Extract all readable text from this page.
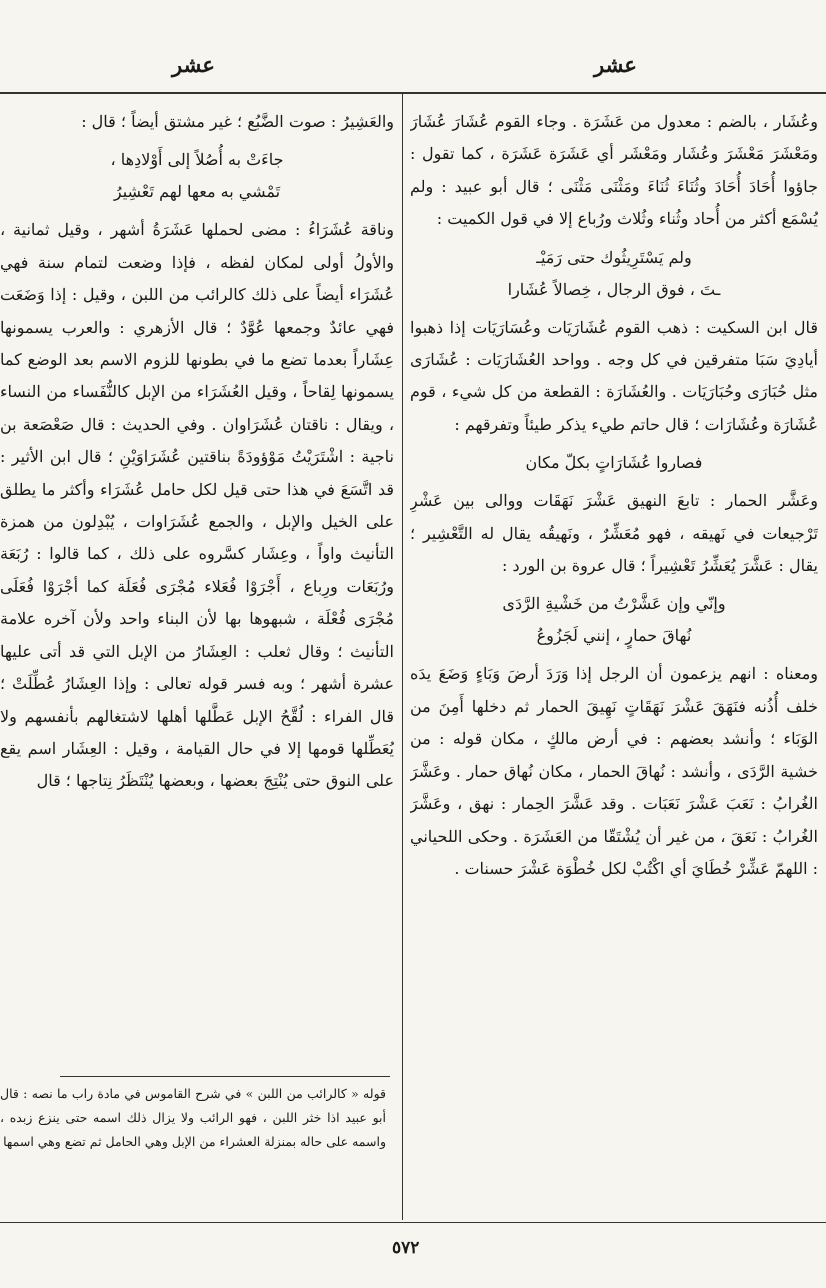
عشر
عشر

وعُشَار ، بالضم : معدول من عَشَرَة . وجاء القوم عُشَارَ عُشَارَ ومَعْشَرَ مَعْشَرَ وعُشَار ومَعْشَر أي عَشَرَة عَشَرَة ، كما تقول : جاؤوا أُحَادَ أُحَادَ وثُنَاءَ ثُنَاءَ ومَثْنَى مَثْنَى ؛ قال أبو عبيد : ولم يُسْمَع أكثر من أُحاد وثُناء وثُلاث ورُباع إلا في قول الكميت :

ولم يَسْتَرِيثُوك حتى رَمَيْـ
ـتَ ، فوق الرجال ، خِصالاً عُشَارا

قال ابن السكيت : ذهب القوم عُشَارَيَات وعُسَارَيَات إذا ذهبوا أيادِيَ سَبَا متفرقين في كل وجه . وواحد العُشَارَيَات : عُشَارَى مثل حُبَارَى وحُبَارَيَات . والعُشَارَة : القطعة من كل شيء ، قوم عُشَارَة وعُشَارَات ؛ قال حاتم طيء يذكر طيئاً وتفرقهم :

فصاروا عُشَارَاتٍ بكلّ مكان

وعَشَّر الحمار : تابعَ النهيق عَشْرَ نَهَقَات ووالى بين عَشْرِ تَرْجيعات في نَهيقه ، فهو مُعَشِّرٌ ، ونَهيقُه يقال له التَّعْشِير ؛ يقال : عَشَّرَ يُعَشِّرُ تَعْشِيراً ؛ قال عروة بن الورد :

وإنّي وإن عَشَّرْتُ من خَشْيةِ الرَّدَى
نُهاقَ حمارٍ ، إنني لَجَزُوعُ

ومعناه : انهم يزعمون أن الرجل إذا وَرَدَ أرضَ وَبَاءٍ وَضَعَ يدَه خلف أُذُنه فنَهَقَ عَشْرَ نَهَقَاتٍ نَهِيقَ الحمار ثم دخلها أَمِنَ من الوَبَاء ؛ وأنشد بعضهم : في أرض مالكٍ ، مكان قوله : من خشية الرَّدَى ، وأنشد : نُهاقَ الحمار ، مكان نُهاق حمار . وعَشَّرَ الغُرابُ : نَعَبَ عَشْرَ نَعَبَات . وقد عَشَّرَ الحِمار : نهق ، وعَشَّرَ الغُرابُ : نَعَقَ ، من غير أن يُشْتَقّا من العَشَرَة . وحكى اللحياني : اللهمّ عَشِّرْ خُطَايَ أي اكْتُبْ لكل خُطْوَة عَشْرَ حسنات .

والعَشِيرُ : صوت الضَّبُع ؛ غير مشتق أيضاً ؛ قال :

جاءَتْ به أُصُلاً إلى أَوْلادِها ،
تَمْشي به معها لهم تَعْشِيرُ

وناقة عُشَرَاءُ : مضى لحملها عَشَرَةُ أشهر ، وقيل ثمانية ، والأولُ أولى لمكان لفظه ، فإذا وضعت لتمام سنة فهي عُشَرَاء أيضاً على ذلك كالرائب من اللبن ، وقيل : إذا وَضَعَت فهي عائدٌ وجمعها عُوَّدٌ ؛ قال الأزهري : والعرب يسمونها عِشَاراً بعدما تضع ما في بطونها للزوم الاسم بعد الوضع كما يسمونها لِقاحاً ، وقيل العُشَرَاء من الإبل كالنُّفَساء من النساء ، ويقال : ناقتان عُشَرَاوان . وفي الحديث : قال صَعْصَعة بن ناجية : اشْتَرَيْتُ مَوْؤودَةً بناقتين عُشَرَاوَيْنِ ؛ قال ابن الأثير : قد اتَّسَعَ في هذا حتى قيل لكل حامل عُشَرَاء وأكثر ما يطلق على الخيل والإبل ، والجمع عُشَرَاوات ، يُبْدِلون من همزة التأنيث واواً ، وعِشَار كسَّروه على ذلك ، كما قالوا : رُبَعَة ورُبَعَات ورِباع ، أَجْرَوْا فُعَلاء مُجْرَى فُعَلَة كما أجْرَوْا فُعَلَى مُجْرَى فُعْلَة ، شبهوها بها لأن البناء واحد ولأن آخره علامة التأنيث ؛ وقال ثعلب : العِشَارُ من الإبل التي قد أتى عليها عشرة أشهر ؛ وبه فسر قوله تعالى : وإذا العِشَارُ عُطِّلَتْ ؛ قال الفراء : لُقَّحُ الإبل عَطَّلها أهلها لاشتغالهم بأنفسهم ولا يُعَطِّلها قومها إلا في حال القيامة ، وقيل : العِشَار اسم يقع على النوق حتى يُنْتِجَ بعضها ، وبعضها يُنْتَظَرُ نِتاجها ؛ قال

قوله « كالرائب من اللبن » في شرح القاموس في مادة راب ما نصه : قال أبو عبيد اذا خثر اللبن ، فهو الرائب ولا يزال ذلك اسمه حتى ينزع زبده ، واسمه على حاله بمنزلة العشراء من الإبل وهي الحامل ثم تضع وهي اسمها
٥٧٢
